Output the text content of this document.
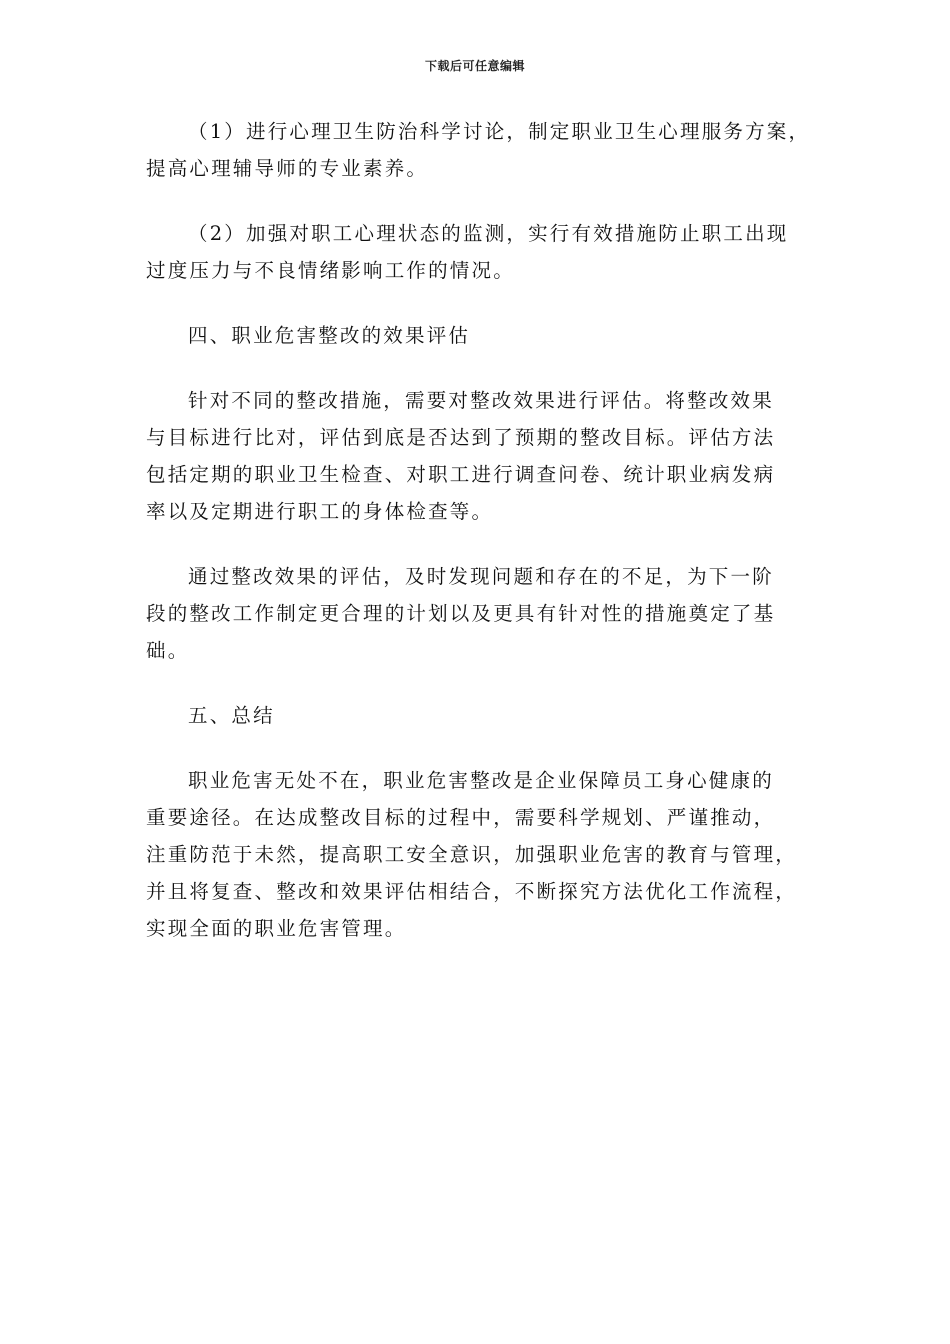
下载后可任意编辑
（1）进行心理卫生防治科学讨论，制定职业卫生心理服务方案，
提高心理辅导师的专业素养。
（2）加强对职工心理状态的监测，实行有效措施防止职工出现
过度压力与不良情绪影响工作的情况。
四、职业危害整改的效果评估
针对不同的整改措施，需要对整改效果进行评估。将整改效果
与目标进行比对，评估到底是否达到了预期的整改目标。评估方法
包括定期的职业卫生检查、对职工进行调查问卷、统计职业病发病
率以及定期进行职工的身体检查等。
通过整改效果的评估，及时发现问题和存在的不足，为下一阶
段的整改工作制定更合理的计划以及更具有针对性的措施奠定了基
础。
五、总结
职业危害无处不在，职业危害整改是企业保障员工身心健康的
重要途径。在达成整改目标的过程中，需要科学规划、严谨推动，
注重防范于未然，提高职工安全意识，加强职业危害的教育与管理，
并且将复查、整改和效果评估相结合，不断探究方法优化工作流程，
实现全面的职业危害管理。
